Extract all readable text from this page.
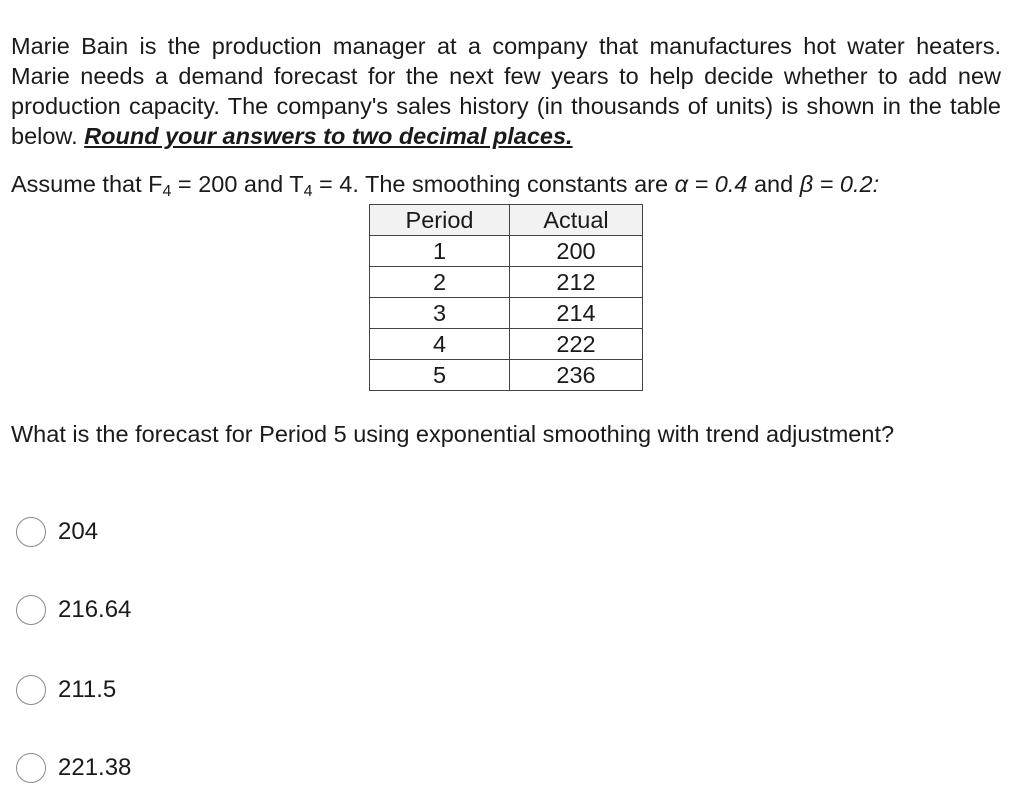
Marie Bain is the production manager at a company that manufactures hot water heaters. Marie needs a demand forecast for the next few years to help decide whether to add new production capacity. The company's sales history (in thousands of units) is shown in the table below. Round your answers to two decimal places.
Assume that $F_4 = 200$ and $T_4 = 4$. The smoothing constants are α = 0.4 and β = 0.2:
Period	Actual
1	200
2	212
3	214
4	222
5	236
What is the forecast for Period 5 using exponential smoothing with trend adjustment?
204
216.64
211.5
221.38
